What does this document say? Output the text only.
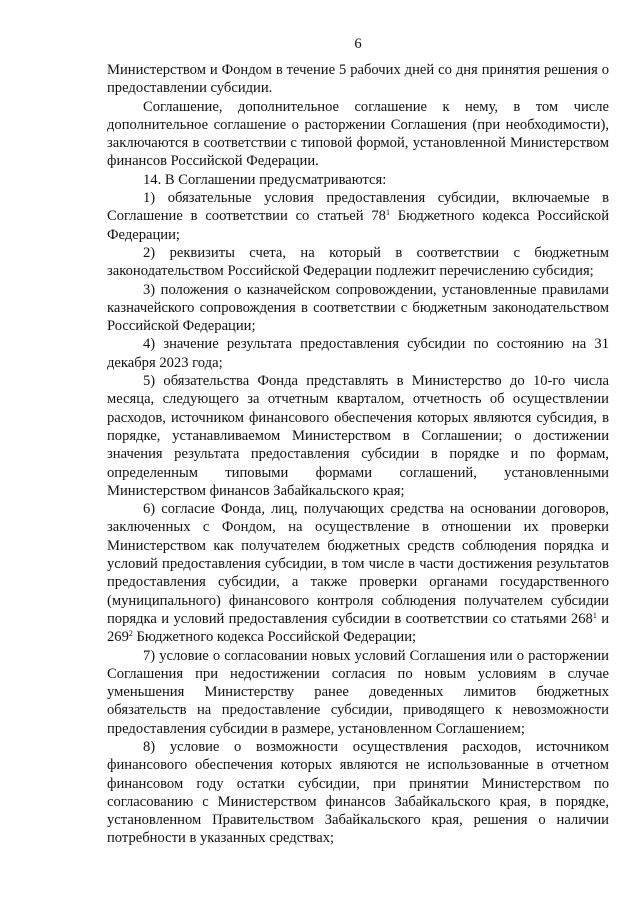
6

Министерством и Фондом в течение 5 рабочих дней со дня принятия решения о предоставлении субсидии.

Соглашение, дополнительное соглашение к нему, в том числе дополнительное соглашение о расторжении Соглашения (при необходимости), заключаются в соответствии с типовой формой, установленной Министерством финансов Российской Федерации.

14. В Соглашении предусматриваются:

1) обязательные условия предоставления субсидии, включаемые в Соглашение в соответствии со статьей $78^1$ Бюджетного кодекса Российской Федерации;

2) реквизиты счета, на который в соответствии с бюджетным законодательством Российской Федерации подлежит перечислению субсидия;

3) положения о казначейском сопровождении, установленные правилами казначейского сопровождения в соответствии с бюджетным законодательством Российской Федерации;

4) значение результата предоставления субсидии по состоянию на 31 декабря 2023 года;

5) обязательства Фонда представлять в Министерство до 10-го числа месяца, следующего за отчетным кварталом, отчетность об осуществлении расходов, источником финансового обеспечения которых являются субсидия, в порядке, устанавливаемом Министерством в Соглашении; о достижении значения результата предоставления субсидии в порядке и по формам, определенным типовыми формами соглашений, установленными Министерством финансов Забайкальского края;

6) согласие Фонда, лиц, получающих средства на основании договоров, заключенных с Фондом, на осуществление в отношении их проверки Министерством как получателем бюджетных средств соблюдения порядка и условий предоставления субсидии, в том числе в части достижения результатов предоставления субсидии, а также проверки органами государственного (муниципального) финансового контроля соблюдения получателем субсидии порядка и условий предоставления субсидии в соответствии со статьями $268^1$ и $269^2$ Бюджетного кодекса Российской Федерации;

7) условие о согласовании новых условий Соглашения или о расторжении Соглашения при недостижении согласия по новым условиям в случае уменьшения Министерству ранее доведенных лимитов бюджетных обязательств на предоставление субсидии, приводящего к невозможности предоставления субсидии в размере, установленном Соглашением;

8) условие о возможности осуществления расходов, источником финансового обеспечения которых являются не использованные в отчетном финансовом году остатки субсидии, при принятии Министерством по согласованию с Министерством финансов Забайкальского края, в порядке, установленном Правительством Забайкальского края, решения о наличии потребности в указанных средствах;
